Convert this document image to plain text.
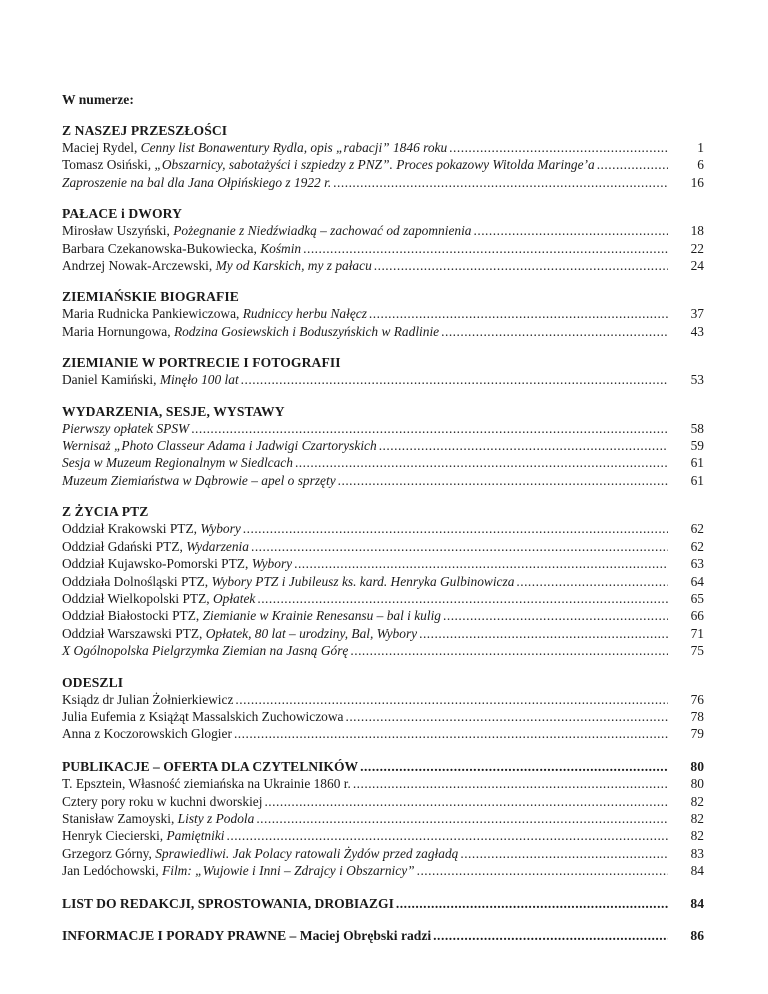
W numerze:

Z NASZEJ PRZESZŁOŚCI
Maciej Rydel, Cenny list Bonawentury Rydla, opis „rabacji” 1846 roku .....	1
Tomasz Osiński, „Obszarnicy, sabotażyści i szpiedzy z PNZ”. Proces pokazowy Witolda Maringe’a .....	6
Zaproszenie na bal dla Jana Ołpińskiego z 1922 r. .....	16
PAŁACE i DWORY
Mirosław Uszyński, Pożegnanie z Niedźwiadką – zachować od zapomnienia .....	18
Barbara Czekanowska-Bukowiecka, Kośmin .....	22
Andrzej Nowak-Arczewski, My od Karskich, my z pałacu .....	24
ZIEMIAŃSKIE BIOGRAFIE
Maria Rudnicka Pankiewiczowa, Rudniccy herbu Nałęcz .....	37
Maria Hornungowa, Rodzina Gosiewskich i Boduszyńskich w Radlinie .....	43
ZIEMIANIE W PORTRECIE I FOTOGRAFII
Daniel Kamiński, Minęło 100 lat .....	53
WYDARZENIA, SESJE, WYSTAWY
Pierwszy opłatek SPSW .....	58
Wernisaż „Photo Classeur Adama i Jadwigi Czartoryskich .....	59
Sesja w Muzeum Regionalnym w Siedlcach .....	61
Muzeum Ziemiaństwa w Dąbrowie – apel o sprzęty .....	61
Z ŻYCIA PTZ
Oddział Krakowski PTZ, Wybory .....	62
Oddział Gdański PTZ, Wydarzenia .....	62
Oddział Kujawsko-Pomorski PTZ, Wybory .....	63
Oddziała Dolnośląski PTZ, Wybory PTZ i Jubileusz ks. kard. Henryka Gulbinowicza .....	64
Oddział Wielkopolski PTZ, Opłatek .....	65
Oddział Białostocki PTZ, Ziemianie w Krainie Renesansu – bal i kulig .....	66
Oddział Warszawski PTZ, Opłatek, 80 lat – urodziny, Bal, Wybory .....	71
X Ogólnopolska Pielgrzymka Ziemian na Jasną Górę .....	75
ODESZLI
Ksiądz dr Julian Żołnierkiewicz .....	76
Julia Eufemia z Książąt Massalskich Zuchowiczowa .....	78
Anna z Koczorowskich Glogier .....	79
PUBLIKACJE – OFERTA DLA CZYTELNIKÓW .....	80
T. Epsztein, Własność ziemiańska na Ukrainie 1860 r. .....	80
Cztery pory roku w kuchni dworskiej .....	82
Stanisław Zamoyski, Listy z Podola .....	82
Henryk Ciecierski, Pamiętniki .....	82
Grzegorz Górny, Sprawiedliwi. Jak Polacy ratowali Żydów przed zagładą .....	83
Jan Ledóchowski, Film: „Wujowie i Inni – Zdrajcy i Obszarnicy” .....	84
LIST DO REDAKCJI, SPROSTOWANIA, DROBIAZGI .....	84
INFORMACJE I PORADY PRAWNE – Maciej Obrębski radzi .....	86
